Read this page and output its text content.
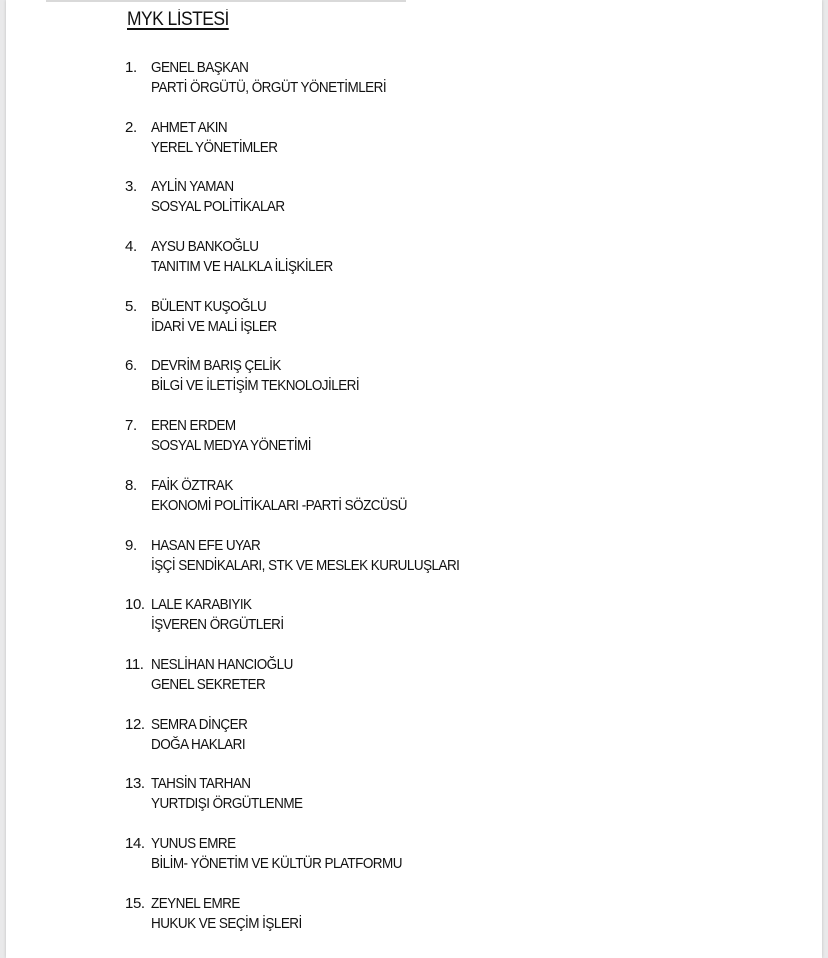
MYK LİSTESİ
1. GENEL BAŞKAN
PARTİ ÖRGÜTÜ, ÖRGÜT YÖNETİMLERİ
2. AHMET AKIN
YEREL YÖNETİMLER
3. AYLİN YAMAN
SOSYAL POLİTİKALAR
4. AYSU BANKOĞLU
TANITIM VE HALKLA İLİŞKİLER
5. BÜLENT KUŞOĞLU
İDARİ VE MALİ İŞLER
6. DEVRİM BARIŞ ÇELİK
BİLGİ VE İLETİŞİM TEKNOLOJİLERİ
7. EREN ERDEM
SOSYAL MEDYA YÖNETİMİ
8. FAİK ÖZTRAK
EKONOMİ POLİTİKALARI -PARTİ SÖZCÜSÜ
9. HASAN EFE UYAR
İŞÇİ SENDİKALARI, STK VE MESLEK KURULUŞLARI
10. LALE KARABIYIK
İŞVEREN ÖRGÜTLERİ
11. NESLİHAN HANCIOĞLU
GENEL SEKRETER
12. SEMRA DİNÇER
DOĞA HAKLARI
13. TAHSİN TARHAN
YURTDIŞI ÖRGÜTLENME
14. YUNUS EMRE
BİLİM- YÖNETİM VE KÜLTÜR PLATFORMU
15. ZEYNEL EMRE
HUKUK VE SEÇİM İŞLERİ
